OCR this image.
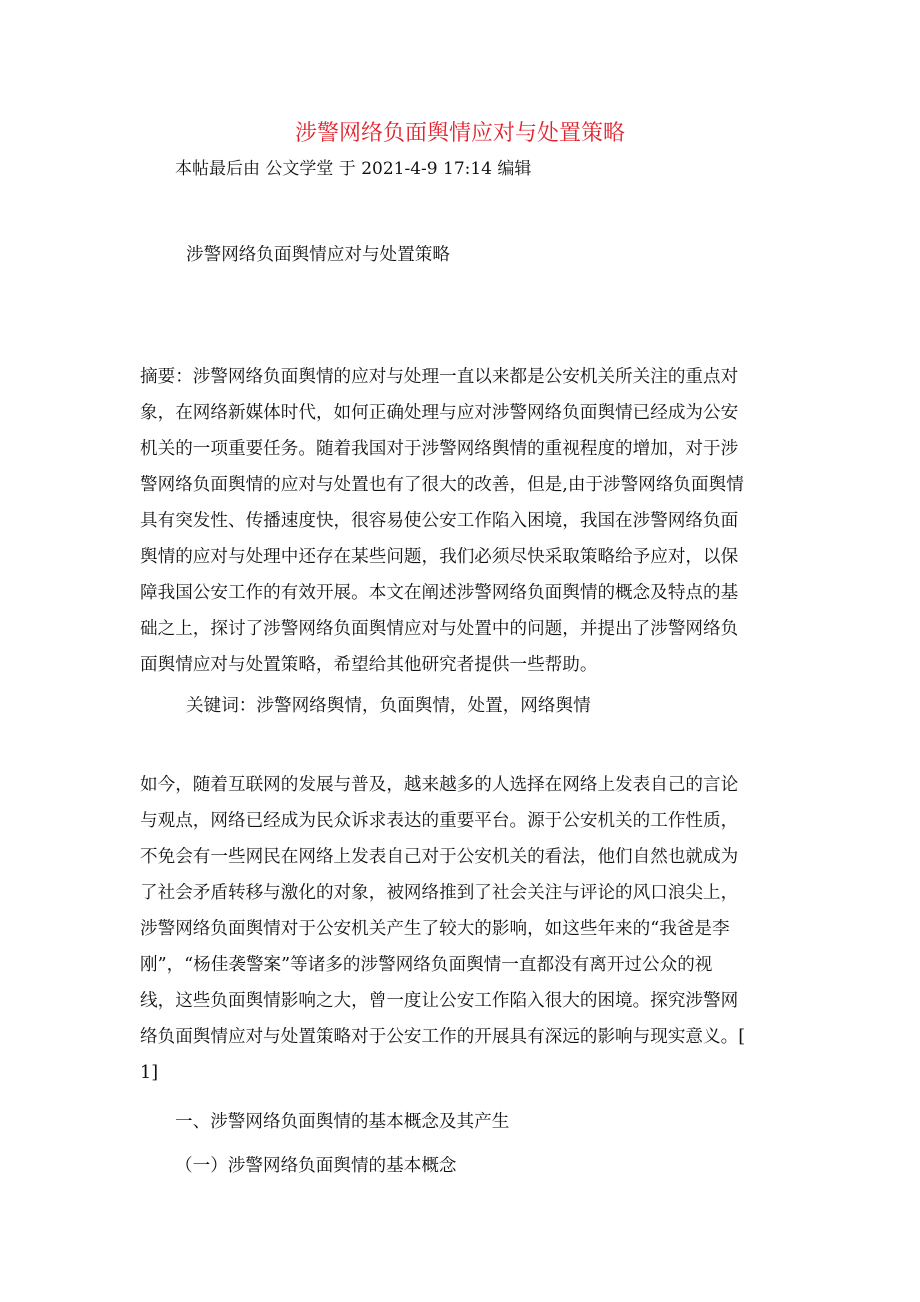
涉警网络负面舆情应对与处置策略
本帖最后由 公文学堂 于 2021-4-9 17:14 编辑
涉警网络负面舆情应对与处置策略
摘要：涉警网络负面舆情的应对与处理一直以来都是公安机关所关注的重点对
象，在网络新媒体时代，如何正确处理与应对涉警网络负面舆情已经成为公安
机关的一项重要任务。随着我国对于涉警网络舆情的重视程度的增加，对于涉
警网络负面舆情的应对与处置也有了很大的改善，但是,由于涉警网络负面舆情
具有突发性、传播速度快，很容易使公安工作陷入困境，我国在涉警网络负面
舆情的应对与处理中还存在某些问题，我们必须尽快采取策略给予应对，以保
障我国公安工作的有效开展。本文在阐述涉警网络负面舆情的概念及特点的基
础之上，探讨了涉警网络负面舆情应对与处置中的问题，并提出了涉警网络负
面舆情应对与处置策略，希望给其他研究者提供一些帮助。
关键词：涉警网络舆情，负面舆情，处置，网络舆情
如今，随着互联网的发展与普及，越来越多的人选择在网络上发表自己的言论
与观点，网络已经成为民众诉求表达的重要平台。源于公安机关的工作性质，
不免会有一些网民在网络上发表自己对于公安机关的看法，他们自然也就成为
了社会矛盾转移与激化的对象，被网络推到了社会关注与评论的风口浪尖上，
涉警网络负面舆情对于公安机关产生了较大的影响，如这些年来的“我爸是李
刚”，“杨佳袭警案”等诸多的涉警网络负面舆情一直都没有离开过公众的视
线，这些负面舆情影响之大，曾一度让公安工作陷入很大的困境。探究涉警网
络负面舆情应对与处置策略对于公安工作的开展具有深远的影响与现实意义。[
1]
一、涉警网络负面舆情的基本概念及其产生
（一）涉警网络负面舆情的基本概念
